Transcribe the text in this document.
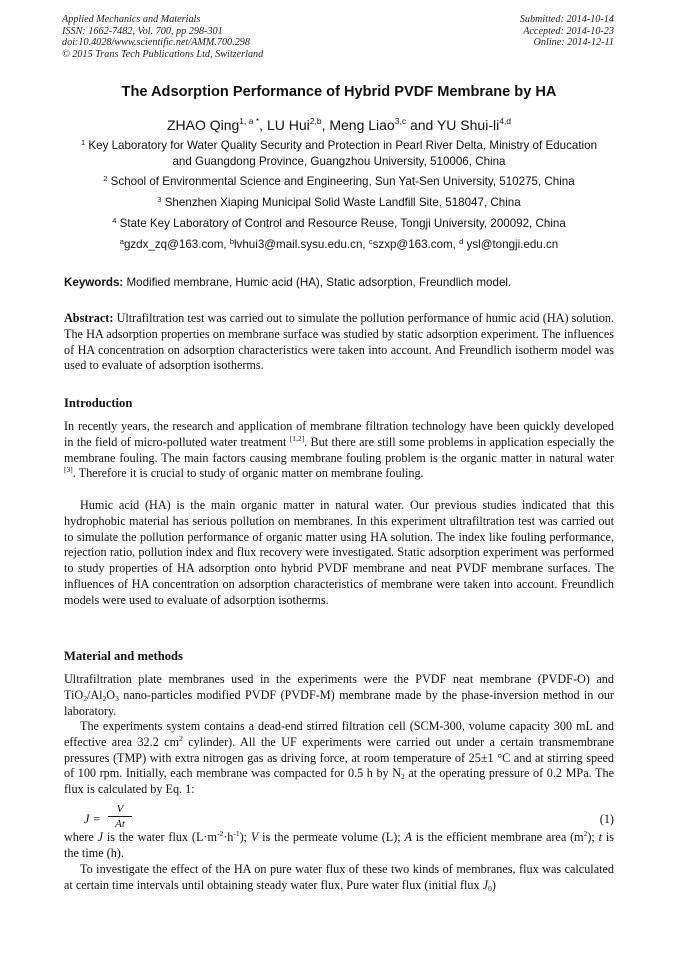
Applied Mechanics and Materials
ISSN: 1662-7482, Vol. 700, pp 298-301
doi:10.4028/www.scientific.net/AMM.700.298
© 2015 Trans Tech Publications Ltd, Switzerland
Submitted: 2014-10-14
Accepted: 2014-10-23
Online: 2014-12-11
The Adsorption Performance of Hybrid PVDF Membrane by HA
ZHAO Qing$^{1, a *}$, LU Hui$^{2,b}$, Meng Liao$^{3,c}$ and YU Shui-li$^{4,d}$
$^1$ Key Laboratory for Water Quality Security and Protection in Pearl River Delta, Ministry of Education
and Guangdong Province, Guangzhou University, 510006, China
$^2$ School of Environmental Science and Engineering, Sun Yat-Sen University, 510275, China
$^3$ Shenzhen Xiaping Municipal Solid Waste Landfill Site, 518047, China
$^4$ State Key Laboratory of Control and Resource Reuse, Tongji University, 200092, China
$^a$gzdx_zq@163.com, $^b$lvhui3@mail.sysu.edu.cn, $^c$szxp@163.com, $^d$ ysl@tongji.edu.cn
Keywords: Modified membrane, Humic acid (HA), Static adsorption, Freundlich model.
Abstract: Ultrafiltration test was carried out to simulate the pollution performance of humic acid (HA) solution. The HA adsorption properties on membrane surface was studied by static adsorption experiment. The influences of HA concentration on adsorption characteristics were taken into account. And Freundlich isotherm model was used to evaluate of adsorption isotherms.
Introduction
In recently years, the research and application of membrane filtration technology have been quickly developed in the field of micro-polluted water treatment [1,2]. But there are still some problems in application especially the membrane fouling. The main factors causing membrane fouling problem is the organic matter in natural water [3]. Therefore it is crucial to study of organic matter on membrane fouling.
Humic acid (HA) is the main organic matter in natural water. Our previous studies indicated that this hydrophobic material has serious pollution on membranes. In this experiment ultrafiltration test was carried out to simulate the pollution performance of organic matter using HA solution. The index like fouling performance, rejection ratio, pollution index and flux recovery were investigated. Static adsorption experiment was performed to study properties of HA adsorption onto hybrid PVDF membrane and neat PVDF membrane surfaces. The influences of HA concentration on adsorption characteristics of membrane were taken into account. Freundlich models were used to evaluate of adsorption isotherms.
Material and methods
Ultrafiltration plate membranes used in the experiments were the PVDF neat membrane (PVDF-O) and $TiO_2/Al_2O_3$ nano-particles modified PVDF (PVDF-M) membrane made by the phase-inversion method in our laboratory.
The experiments system contains a dead-end stirred filtration cell (SCM-300, volume capacity 300 mL and effective area 32.2 $cm^2$ cylinder). All the UF experiments were carried out under a certain transmembrane pressures (TMP) with extra nitrogen gas as driving force, at room temperature of 25±1 °C and at stirring speed of 100 rpm. Initially, each membrane was compacted for 0.5 h by $N_2$ at the operating pressure of 0.2 MPa. The flux is calculated by Eq. 1:
$J = \frac{V}{At}$	(1)
where J is the water flux $(L\cdot m^{-2}\cdot h^{-1})$; V is the permeate volume (L); A is the efficient membrane area $(m^2)$; t is the time (h).
To investigate the effect of the HA on pure water flux of these two kinds of membranes, flux was calculated at certain time intervals until obtaining steady water flux. Pure water flux (initial flux $J_0$)
